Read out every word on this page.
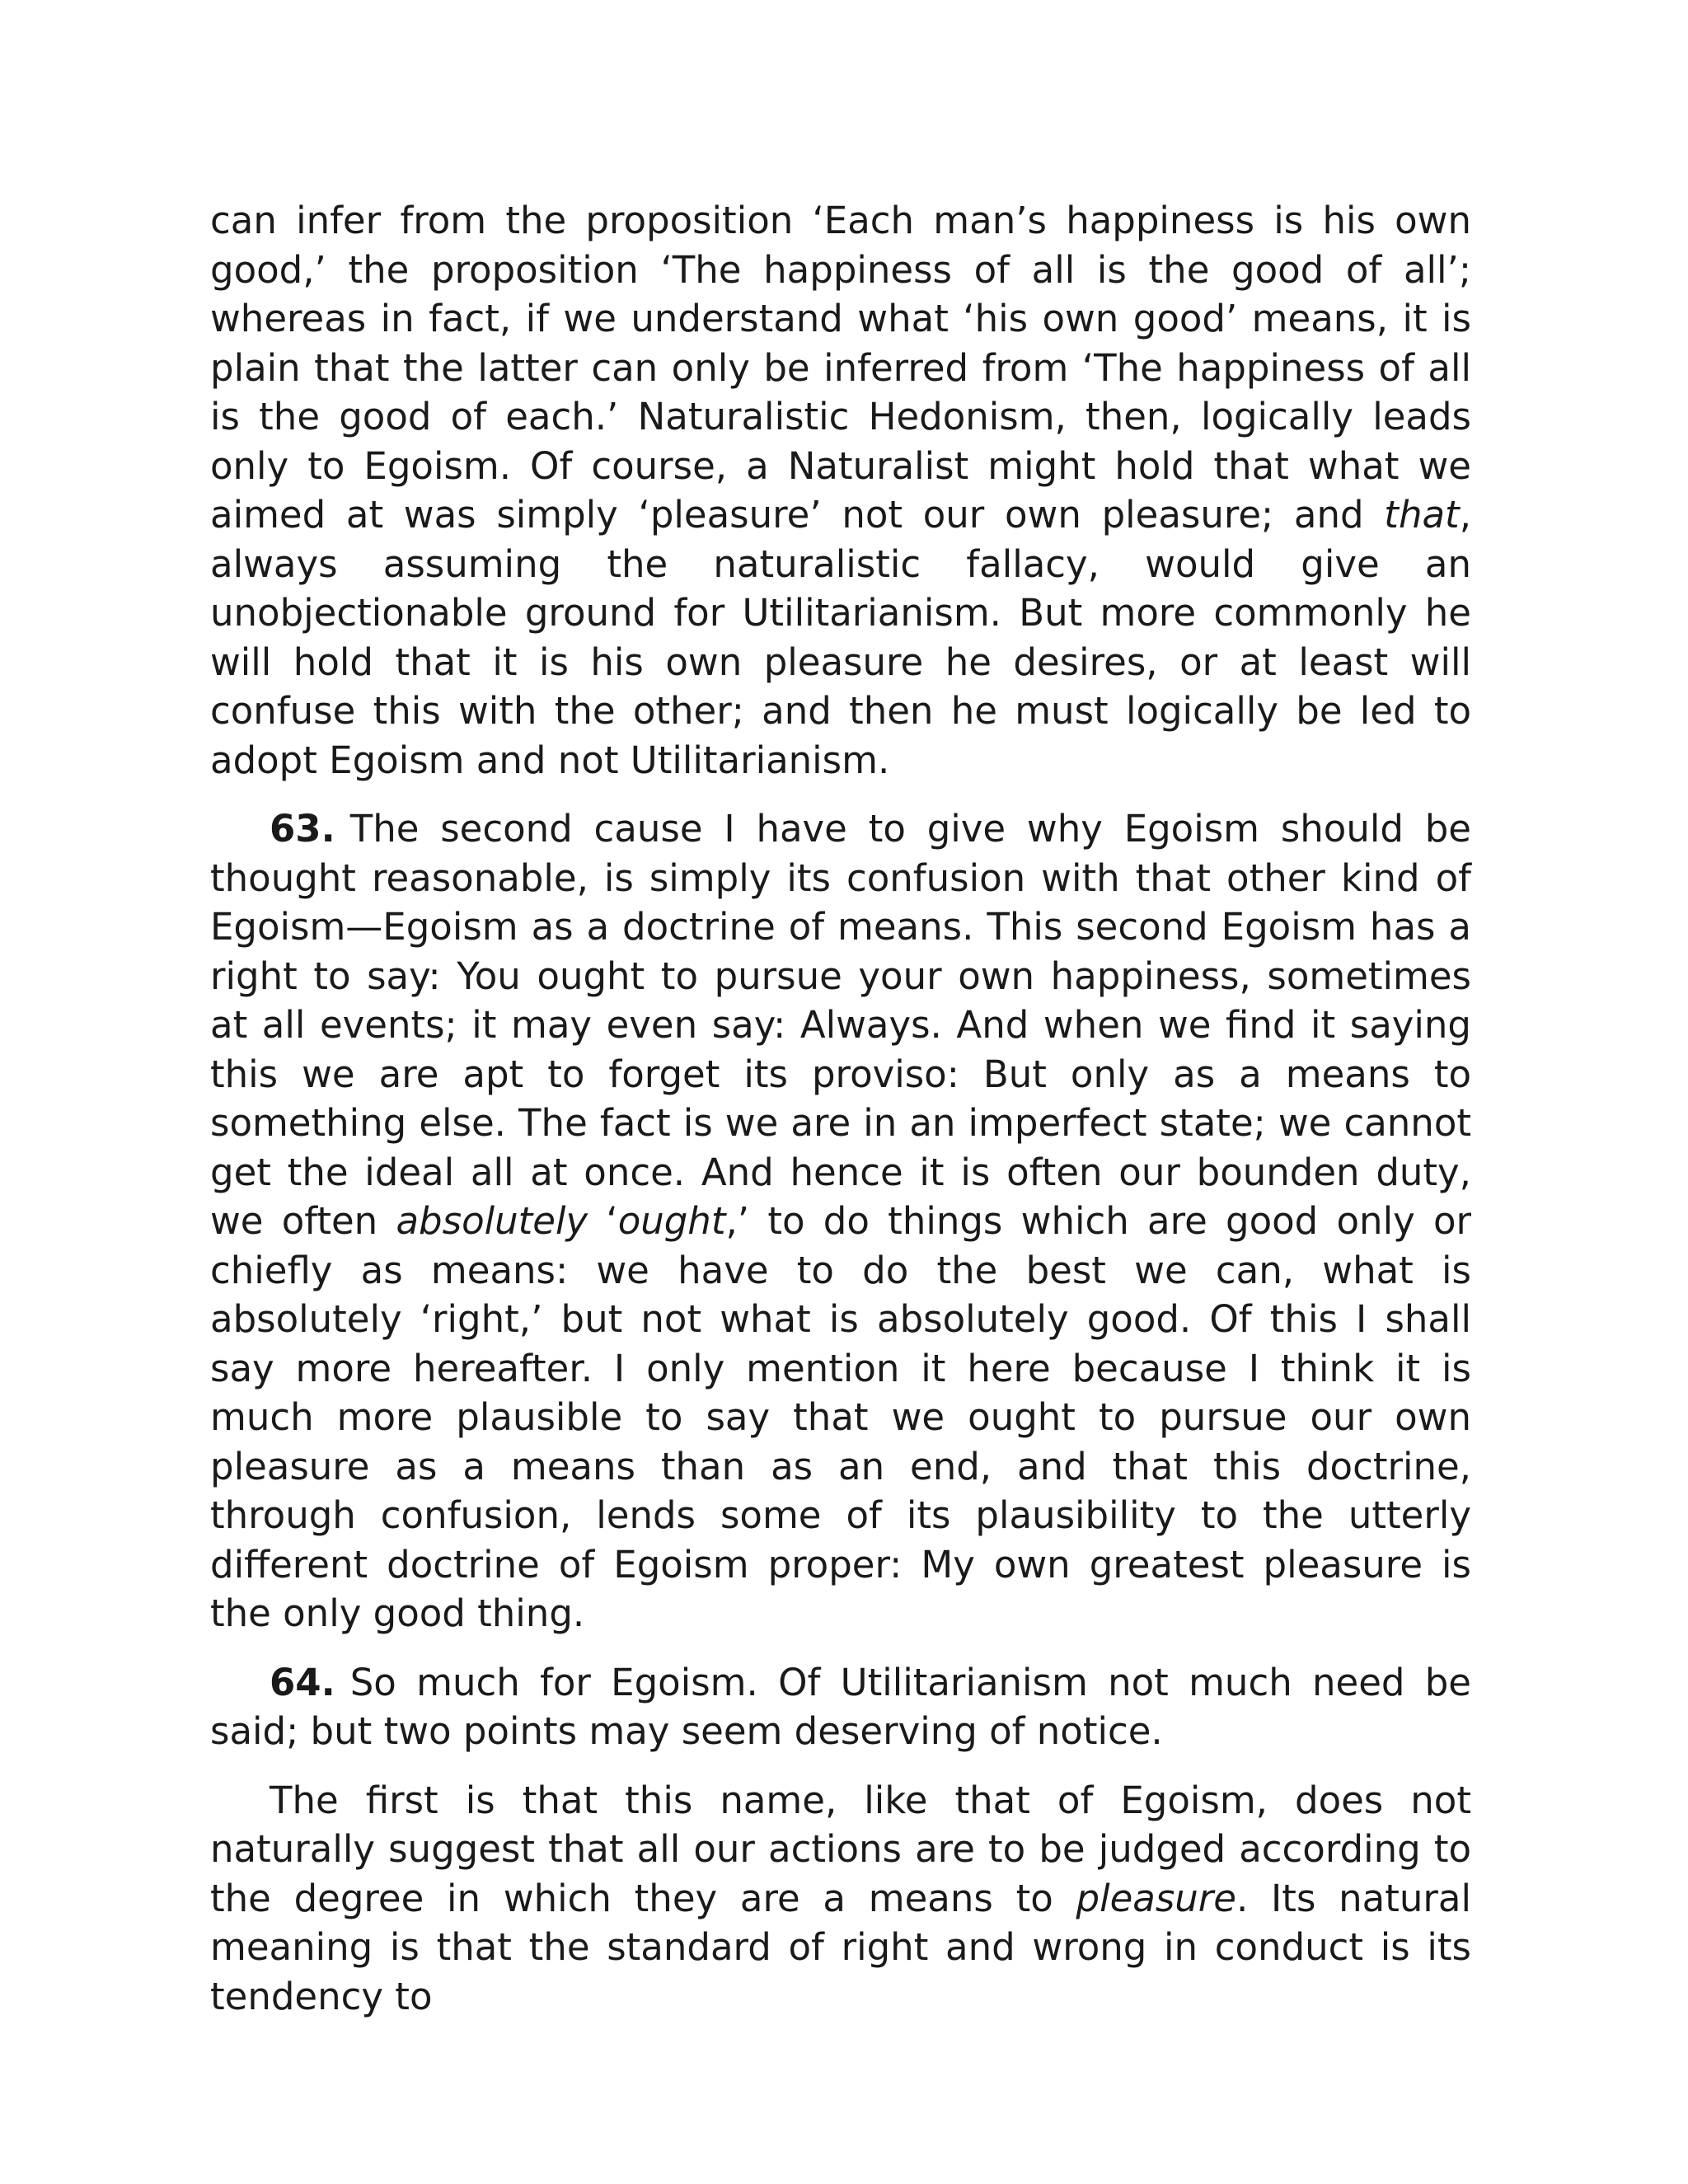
can infer from the proposition ‘Each man’s happiness is his own good,’ the proposition ‘The happiness of all is the good of all’; whereas in fact, if we understand what ‘his own good’ means, it is plain that the latter can only be inferred from ‘The happiness of all is the good of each.’ Naturalistic Hedonism, then, logically leads only to Egoism. Of course, a Naturalist might hold that what we aimed at was simply ‘pleasure’ not our own pleasure; and that, always assuming the naturalistic fallacy, would give an unobjectionable ground for Utilitarianism. But more commonly he will hold that it is his own pleasure he desires, or at least will confuse this with the other; and then he must logically be led to adopt Egoism and not Utilitarianism.

63. The second cause I have to give why Egoism should be thought reasonable, is simply its confusion with that other kind of Egoism—Egoism as a doctrine of means. This second Egoism has a right to say: You ought to pursue your own happiness, sometimes at all events; it may even say: Always. And when we find it saying this we are apt to forget its proviso: But only as a means to something else. The fact is we are in an imperfect state; we cannot get the ideal all at once. And hence it is often our bounden duty, we often absolutely ‘ought,’ to do things which are good only or chiefly as means: we have to do the best we can, what is absolutely ‘right,’ but not what is absolutely good. Of this I shall say more hereafter. I only mention it here because I think it is much more plausible to say that we ought to pursue our own pleasure as a means than as an end, and that this doctrine, through confusion, lends some of its plausibility to the utterly different doctrine of Egoism proper: My own greatest pleasure is the only good thing.

64. So much for Egoism. Of Utilitarianism not much need be said; but two points may seem deserving of notice.

The first is that this name, like that of Egoism, does not naturally suggest that all our actions are to be judged according to the degree in which they are a means to pleasure. Its natural meaning is that the standard of right and wrong in conduct is its tendency to
